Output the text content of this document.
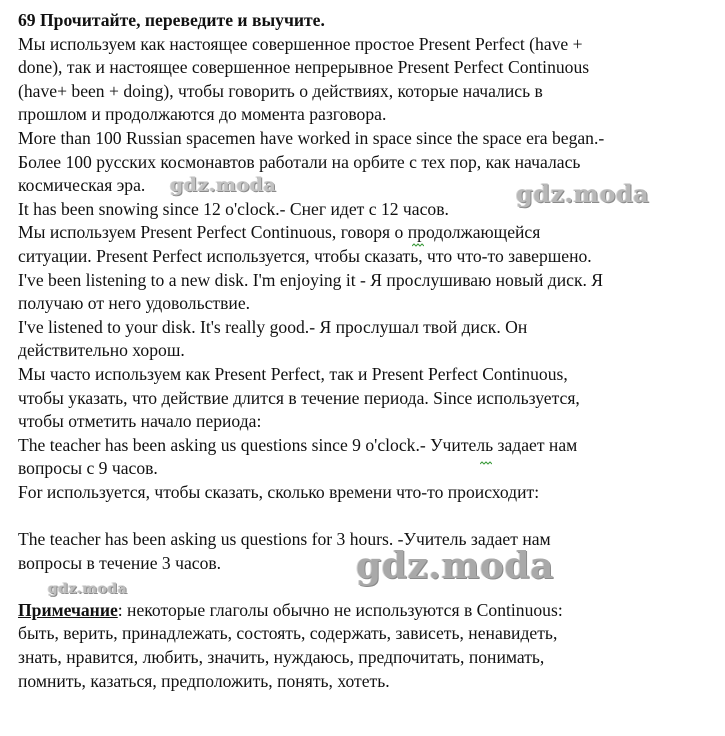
69 Прочитайте, переведите и выучите.
Мы используем как настоящее совершенное простое Present Perfect (have +
done), так и настоящее совершенное непрерывное Present Perfect Continuous
(have+ been + doing), чтобы говорить о действиях, которые начались в
прошлом и продолжаются до момента разговора.
More than 100 Russian spacemen have worked in space since the space era began.-
Более 100 русских космонавтов работали на орбите с тех пор, как началась
космическая эра.
It has been snowing since 12 o'clock.- Снег идет с 12 часов.
Мы используем Present Perfect Continuous, говоря о продолжающейся
ситуации. Present Perfect используется, чтобы сказать, что что-то завершено.
I've been listening to a new disk. I'm enjoying it - Я прослушиваю новый диск. Я
получаю от него удовольствие.
I've listened to your disk. It's really good.- Я прослушал твой диск. Он
действительно хорош.
Мы часто используем как Present Perfect, так и Present Perfect Continuous,
чтобы указать, что действие длится в течение периода. Since используется,
чтобы отметить начало периода:
The teacher has been asking us questions since 9 o'clock.- Учитель задает нам
вопросы с 9 часов.
For используется, чтобы сказать, сколько времени что-то происходит:
The teacher has been asking us questions for 3 hours. -Учитель задает нам
вопросы в течение 3 часов.
Примечание: некоторые глаголы обычно не используются в Continuous:
быть, верить, принадлежать, состоять, содержать, зависеть, ненавидеть,
знать, нравится, любить, значить, нуждаюсь, предпочитать, понимать,
помнить, казаться, предположить, понять, хотеть.
gdz.moda	gdz.moda
gdz.moda
gdz.moda
